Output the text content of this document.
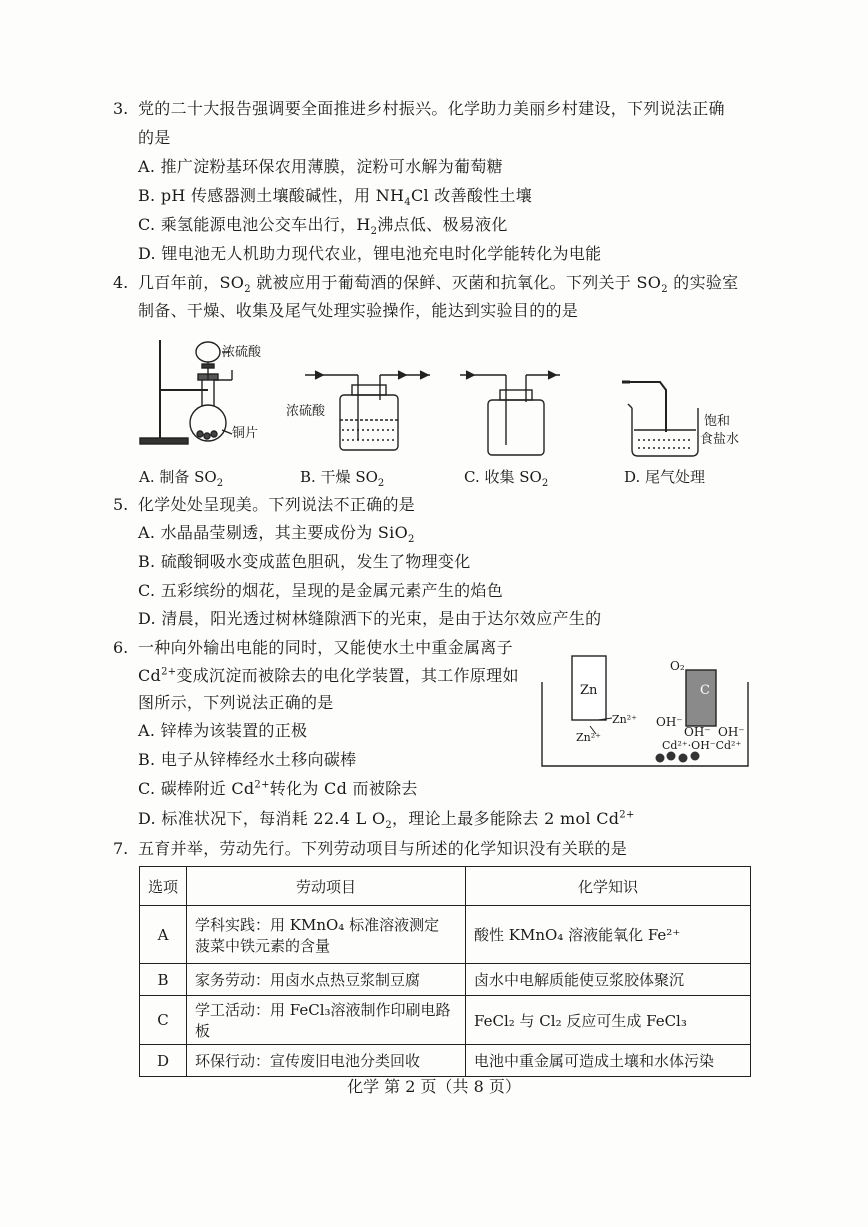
3. 党的二十大报告强调要全面推进乡村振兴。化学助力美丽乡村建设，下列说法正确
的是
A. 推广淀粉基环保农用薄膜，淀粉可水解为葡萄糖
B. pH 传感器测土壤酸碱性，用 $NH_4Cl$ 改善酸性土壤
C. 乘氢能源电池公交车出行，$H_2$沸点低、极易液化
D. 锂电池无人机助力现代农业，锂电池充电时化学能转化为电能
4. 几百年前，$SO_2$ 就被应用于葡萄酒的保鲜、灭菌和抗氧化。下列关于 $SO_2$ 的实验室
制备、干燥、收集及尾气处理实验操作，能达到实验目的的是
浓硫酸
铜片
浓硫酸
饱和
食盐水
A. 制备 $SO_2$	B. 干燥 $SO_2$	C. 收集 $SO_2$	D. 尾气处理
5. 化学处处呈现美。下列说法不正确的是
A. 水晶晶莹剔透，其主要成份为 SiO$_2$
B. 硫酸铜吸水变成蓝色胆矾，发生了物理变化
C. 五彩缤纷的烟花，呈现的是金属元素产生的焰色
D. 清晨，阳光透过树林缝隙洒下的光束，是由于达尔效应产生的
6. 一种向外输出电能的同时，又能使水土中重金属离子
$Cd^{2+}$变成沉淀而被除去的电化学装置，其工作原理如
图所示，下列说法正确的是
A. 锌棒为该装置的正极
B. 电子从锌棒经水土移向碳棒
C. 碳棒附近 $Cd^{2+}$转化为 Cd 而被除去
D. 标准状况下，每消耗 22.4 L $O_2$，理论上最多能除去 2 mol $Cd^{2+}$
Zn
Zn²⁺
Zn²⁺
O₂
C
OH⁻
OH⁻
OH⁻
Cd²⁺·OH⁻Cd²⁺
7. 五育并举，劳动先行。下列劳动项目与所述的化学知识没有关联的是
选项	劳动项目	化学知识
A	学科实践：用 KMnO₄ 标准溶液测定
菠菜中铁元素的含量	酸性 KMnO₄ 溶液能氧化 Fe²⁺
B	家务劳动：用卤水点热豆浆制豆腐	卤水中电解质能使豆浆胶体聚沉
C	学工活动：用 FeCl₃溶液制作印刷电路板	FeCl₂ 与 Cl₂ 反应可生成 FeCl₃
D	环保行动：宣传废旧电池分类回收	电池中重金属可造成土壤和水体污染
化学 第 2 页（共 8 页）
